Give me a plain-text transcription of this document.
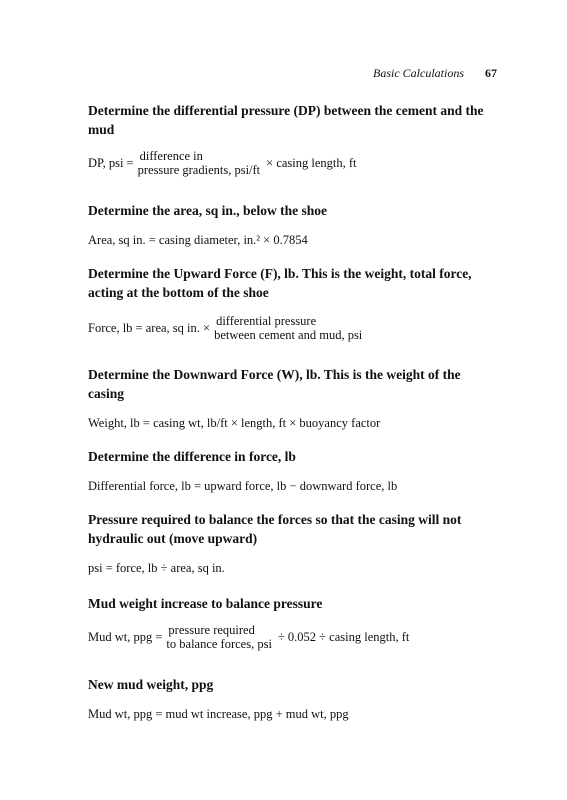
Basic Calculations 67

Determine the differential pressure (DP) between the cement and the mud

DP, psi = difference in
pressure gradients, psi/ft
× casing length, ft

Determine the area, sq in., below the shoe

Area, sq in. = casing diameter, in.² × 0.7854

Determine the Upward Force (F), lb. This is the weight, total force, acting at the bottom of the shoe

Force, lb = area, sq in. × differential pressure
between cement and mud, psi

Determine the Downward Force (W), lb. This is the weight of the casing

Weight, lb = casing wt, lb/ft × length, ft × buoyancy factor

Determine the difference in force, lb

Differential force, lb = upward force, lb − downward force, lb

Pressure required to balance the forces so that the casing will not hydraulic out (move upward)

psi = force, lb ÷ area, sq in.

Mud weight increase to balance pressure

Mud wt, ppg = pressure required
to balance forces, psi
÷ 0.052 ÷ casing length, ft

New mud weight, ppg

Mud wt, ppg = mud wt increase, ppg + mud wt, ppg
